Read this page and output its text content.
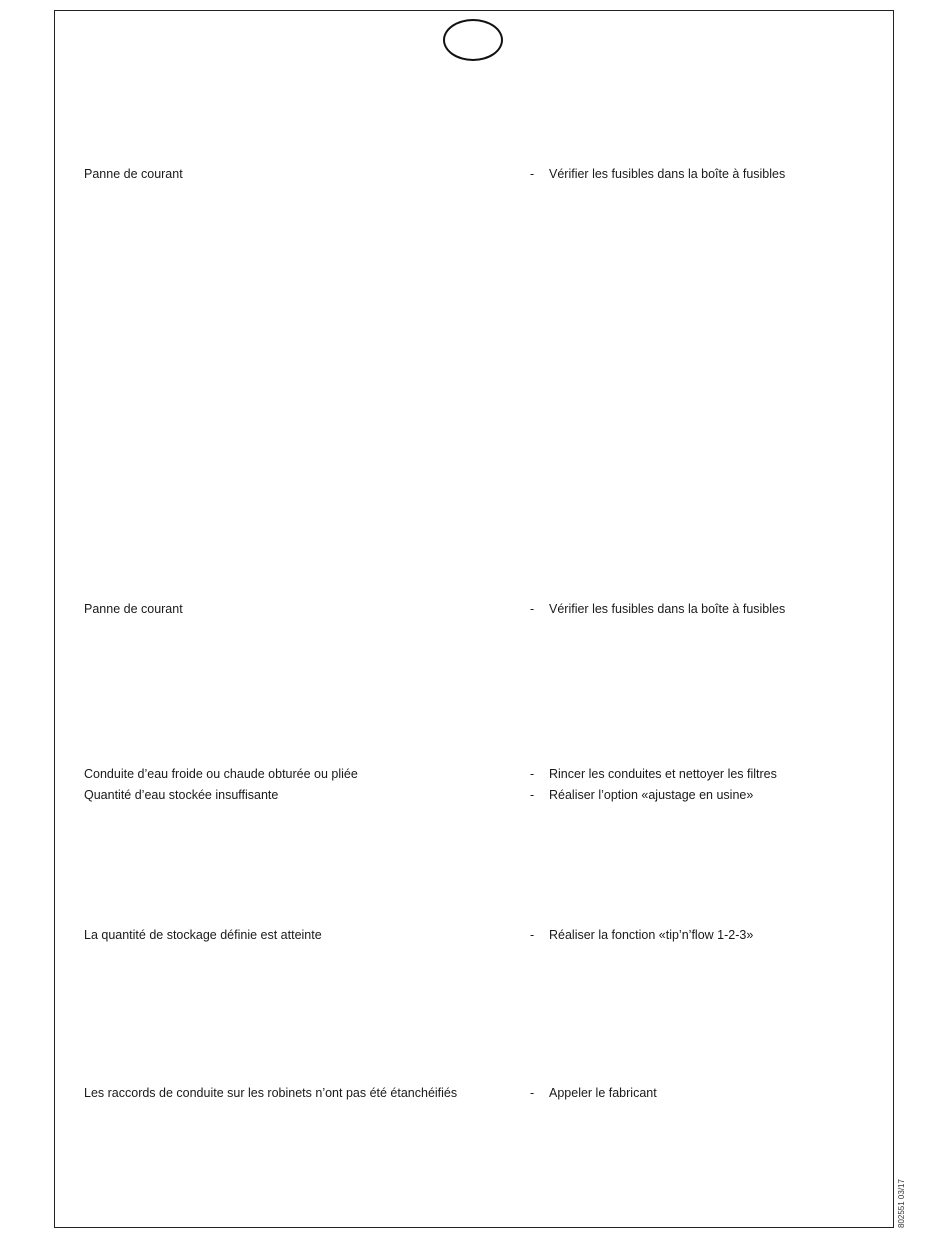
Panne de courant	- Vérifier les fusibles dans la boîte à fusibles
Panne de courant	- Vérifier les fusibles dans la boîte à fusibles
Conduite d’eau froide ou chaude obturée ou pliée	- Rincer les conduites et nettoyer les filtres
Quantité d’eau stockée insuffisante	- Réaliser l’option «ajustage en usine»
La quantité de stockage définie est atteinte	- Réaliser la fonction «tip’n’flow 1-2-3»
Les raccords de conduite sur les robinets n’ont pas été étanchéifiés	- Appeler le fabricant
802551 03/17
